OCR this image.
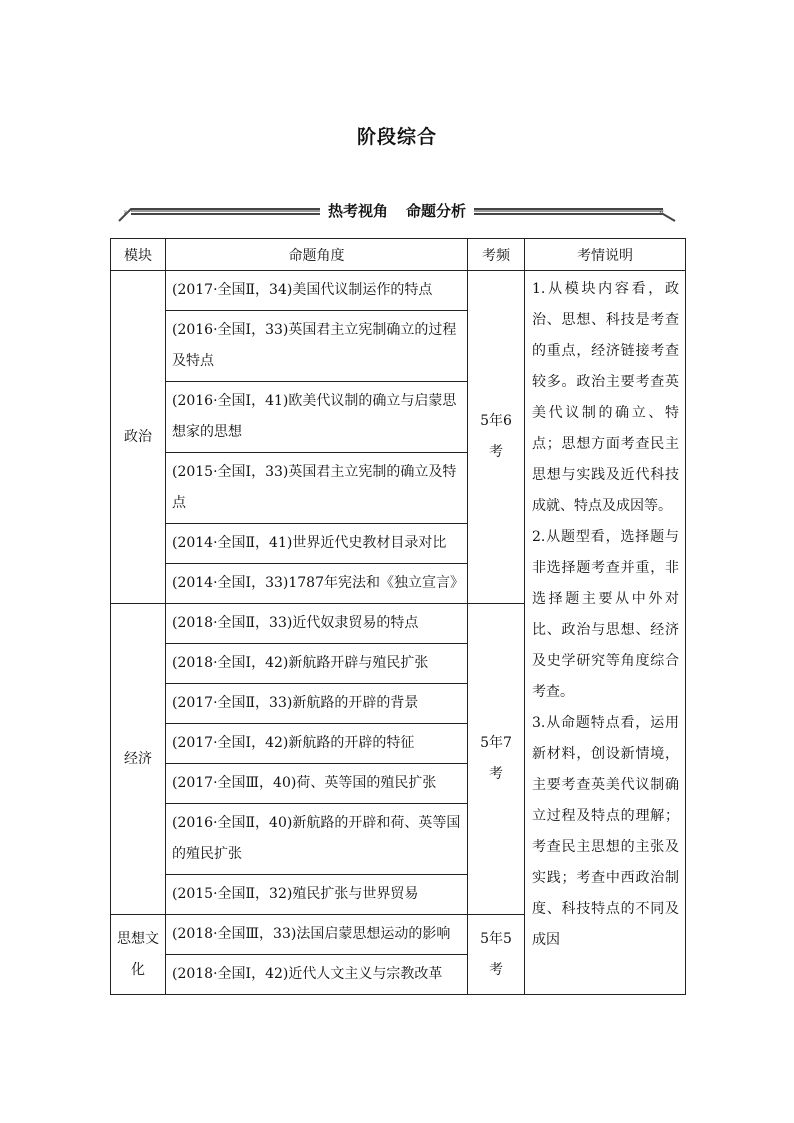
阶段综合
»	«
热考视角 命题分析
模块	命题角度	考频	考情说明
政治	(2017·全国Ⅱ，34)美国代议制运作的特点	5年6考	1.从模块内容看，政治、思想、科技是考查的重点，经济链接考查较多。政治主要考查英美代议制的确立、特点；思想方面考查民主思想与实践及近代科技成就、特点及成因等。

2.从题型看，选择题与非选择题考查并重，非选择题主要从中外对比、政治与思想、经济及史学研究等角度综合考查。

3.从命题特点看，运用新材料，创设新情境，主要考查英美代议制确立过程及特点的理解；考查民主思想的主张及实践；考查中西政治制度、科技特点的不同及成因

	(2016·全国Ⅰ，33)英国君主立宪制确立的过程及特点		
	(2016·全国Ⅰ，41)欧美代议制的确立与启蒙思想家的思想		
	(2015·全国Ⅰ，33)英国君主立宪制的确立及特点		
	(2014·全国Ⅱ，41)世界近代史教材目录对比		
	(2014·全国Ⅰ，33)1787年宪法和《独立宣言》		
经济	(2018·全国Ⅱ，33)近代奴隶贸易的特点	5年7考	
	(2018·全国Ⅰ，42)新航路开辟与殖民扩张		
	(2017·全国Ⅱ，33)新航路的开辟的背景		
	(2017·全国Ⅰ，42)新航路的开辟的特征		
	(2017·全国Ⅲ，40)荷、英等国的殖民扩张		
	(2016·全国Ⅱ，40)新航路的开辟和荷、英等国的殖民扩张		
	(2015·全国Ⅱ，32)殖民扩张与世界贸易		
思想文化	(2018·全国Ⅲ，33)法国启蒙思想运动的影响	5年5考	
	(2018·全国Ⅰ，42)近代人文主义与宗教改革		
